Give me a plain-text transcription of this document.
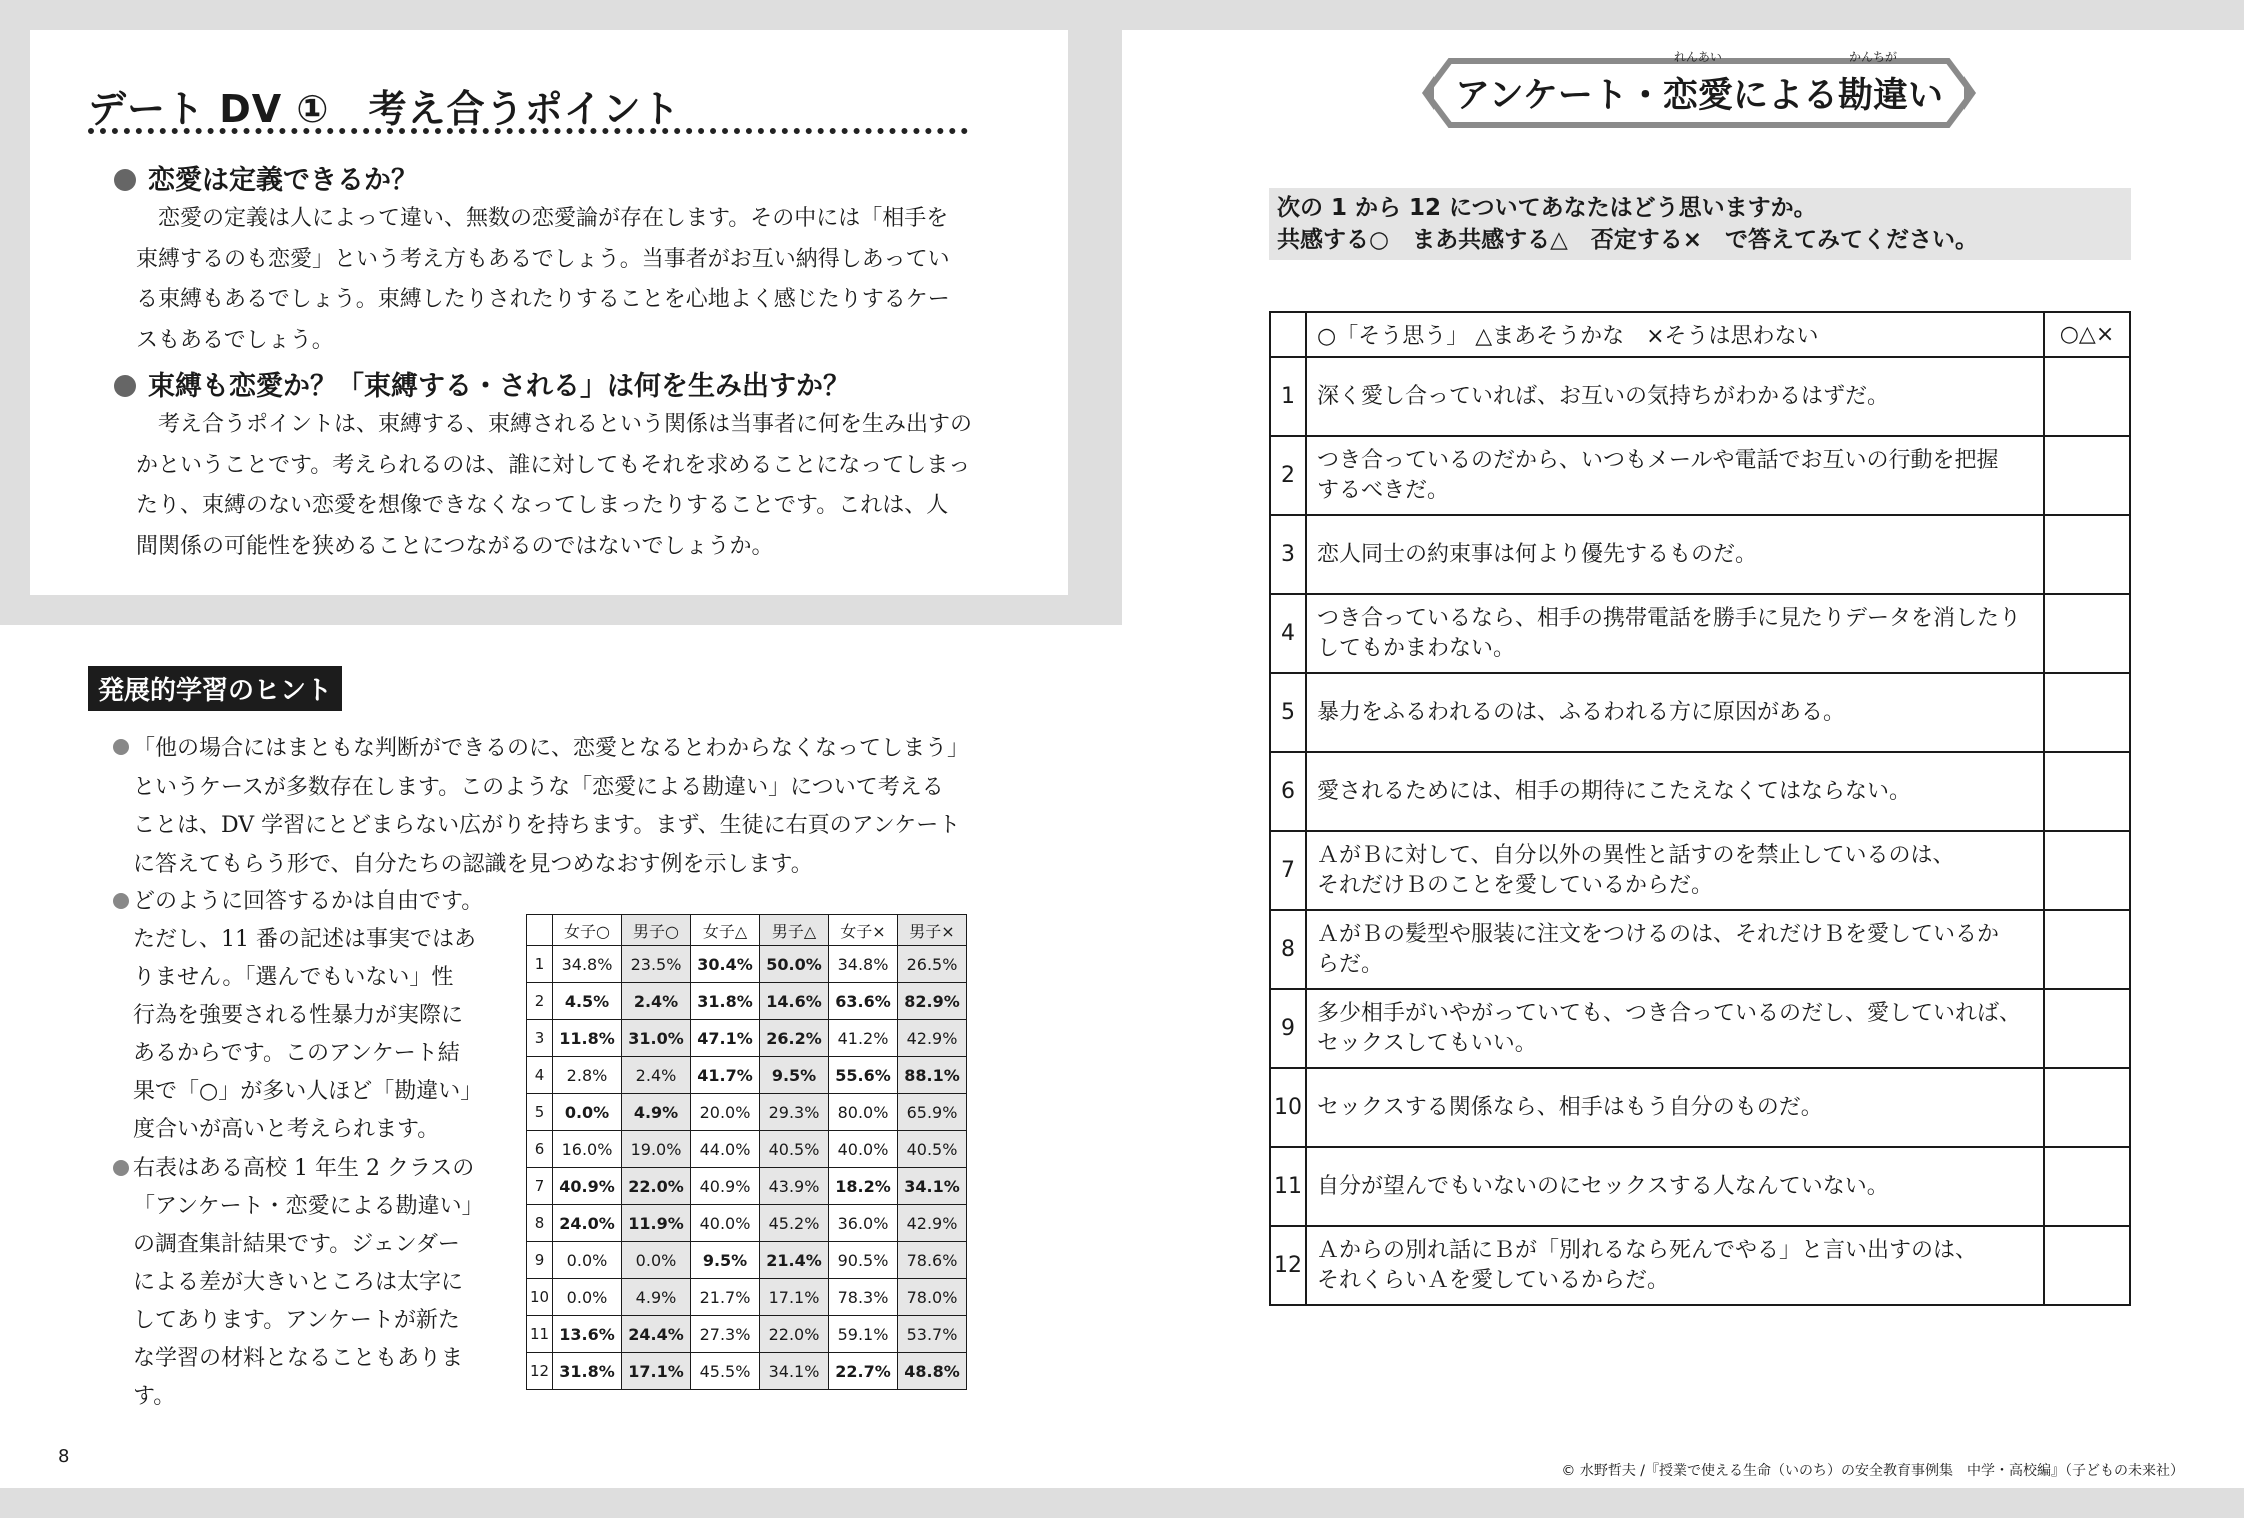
デート DV ①　考え合うポイント
恋愛は定義できるか？
　恋愛の定義は人によって違い、無数の恋愛論が存在します。その中には「相手を
束縛するのも恋愛」という考え方もあるでしょう。当事者がお互い納得しあってい
る束縛もあるでしょう。束縛したりされたりすることを心地よく感じたりするケー
スもあるでしょう。
束縛も恋愛か？「束縛する・される」は何を生み出すか？
　考え合うポイントは、束縛する、束縛されるという関係は当事者に何を生み出すの
かということです。考えられるのは、誰に対してもそれを求めることになってしまっ
たり、束縛のない恋愛を想像できなくなってしまったりすることです。これは、人
間関係の可能性を狭めることにつながるのではないでしょうか。
発展的学習のヒント
「他の場合にはまともな判断ができるのに、恋愛となるとわからなくなってしまう」
というケースが多数存在します。このような「恋愛による勘違い」について考える
ことは、DV 学習にとどまらない広がりを持ちます。まず、生徒に右頁のアンケート
に答えてもらう形で、自分たちの認識を見つめなおす例を示します。
どのように回答するかは自由です。
ただし、11 番の記述は事実ではあ
りません。「選んでもいない」性
行為を強要される性暴力が実際に
あるからです。このアンケート結
果で「○」が多い人ほど「勘違い」
度合いが高いと考えられます。
右表はある高校 1 年生 2 クラスの
「アンケート・恋愛による勘違い」
の調査集計結果です。ジェンダー
による差が大きいところは太字に
してあります。アンケートが新た
な学習の材料となることもありま
す。
	女子○	男子○	女子△	男子△	女子×	男子×
1	34.8%	23.5%	30.4%	50.0%	34.8%	26.5%
2	4.5%	2.4%	31.8%	14.6%	63.6%	82.9%
3	11.8%	31.0%	47.1%	26.2%	41.2%	42.9%
4	2.8%	2.4%	41.7%	9.5%	55.6%	88.1%
5	0.0%	4.9%	20.0%	29.3%	80.0%	65.9%
6	16.0%	19.0%	44.0%	40.5%	40.0%	40.5%
7	40.9%	22.0%	40.9%	43.9%	18.2%	34.1%
8	24.0%	11.9%	40.0%	45.2%	36.0%	42.9%
9	0.0%	0.0%	9.5%	21.4%	90.5%	78.6%
10	0.0%	4.9%	21.7%	17.1%	78.3%	78.0%
11	13.6%	24.4%	27.3%	22.0%	59.1%	53.7%
12	31.8%	17.1%	45.5%	34.1%	22.7%	48.8%
8
アンケート・
れんあい
恋愛 による
かんちが
勘違 い
次の 1 から 12 についてあなたはどう思いますか。
共感する○　まあ共感する△　否定する×　で答えてみてください。
	○「そう思う」 △まあそうかな　×そうは思わない	○△×
1	深く愛し合っていれば、お互いの気持ちがわかるはずだ。	

2	つき合っているのだから、いつもメールや電話でお互いの行動を把握
するべきだ。	

3	恋人同士の約束事は何より優先するものだ。	

4	つき合っているなら、相手の携帯電話を勝手に見たりデータを消したり
してもかまわない。	

5	暴力をふるわれるのは、ふるわれる方に原因がある。	

6	愛されるためには、相手の期待にこたえなくてはならない。	

7	ＡがＢに対して、自分以外の異性と話すのを禁止しているのは、
それだけＢのことを愛しているからだ。	

8	ＡがＢの髪型や服装に注文をつけるのは、それだけＢを愛しているか
らだ。	

9	多少相手がいやがっていても、つき合っているのだし、愛していれば、
セックスしてもいい。	

10	セックスする関係なら、相手はもう自分のものだ。	

11	自分が望んでもいないのにセックスする人なんていない。	

12	Ａからの別れ話にＢが「別れるなら死んでやる」と言い出すのは、
それくらいＡを愛しているからだ。	

© 水野哲夫 /『授業で使える生命（いのち）の安全教育事例集　中学・高校編』（子どもの未来社）
